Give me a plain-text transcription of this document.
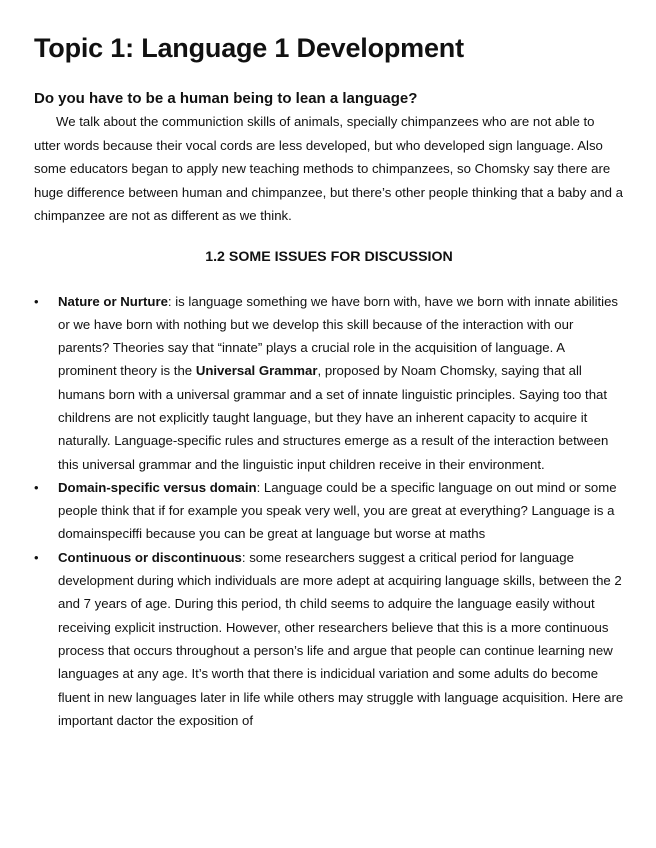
Topic 1: Language 1 Development
Do you have to be a human being to lean a language?

We talk about the communiction skills of animals, specially chimpanzees who are not able to utter words because their vocal cords are less developed, but who developed sign language. Also some educators began to apply new teaching methods to chimpanzees, so Chomsky say there are huge difference between human and chimpanzee, but there’s other people thinking that a baby and a chimpanzee are not as different as we think.

1.2 SOME ISSUES FOR DISCUSSION
• Nature or Nurture: is language something we have born with, have we born with innate abilities or we have born with nothing but we develop this skill because of the interaction with our parents? Theories say that “innate” plays a crucial role in the acquisition of language. A prominent theory is the Universal Grammar, proposed by Noam Chomsky, saying that all humans born with a universal grammar and a set of innate linguistic principles. Saying too that childrens are not explicitly taught language, but they have an inherent capacity to acquire it naturally. Language-specific rules and structures emerge as a result of the interaction between this universal grammar and the linguistic input children receive in their environment.
• Domain-specific versus domain: Language could be a specific language on out mind or some people think that if for example you speak very well, you are great at everything? Language is a domainspeciffi because you can be great at language but worse at maths
• Continuous or discontinuous: some researchers suggest a critical period for language development during which individuals are more adept at acquiring language skills, between the 2 and 7 years of age. During this period, th child seems to adquire the language easily without receiving explicit instruction. However, other researchers believe that this is a more continuous process that occurs throughout a person’s life and argue that people can continue learning new languages at any age. It’s worth that there is indicidual variation and some adults do become fluent in new languages later in life while others may struggle with language acquisition. Here are important dactor the exposition of
